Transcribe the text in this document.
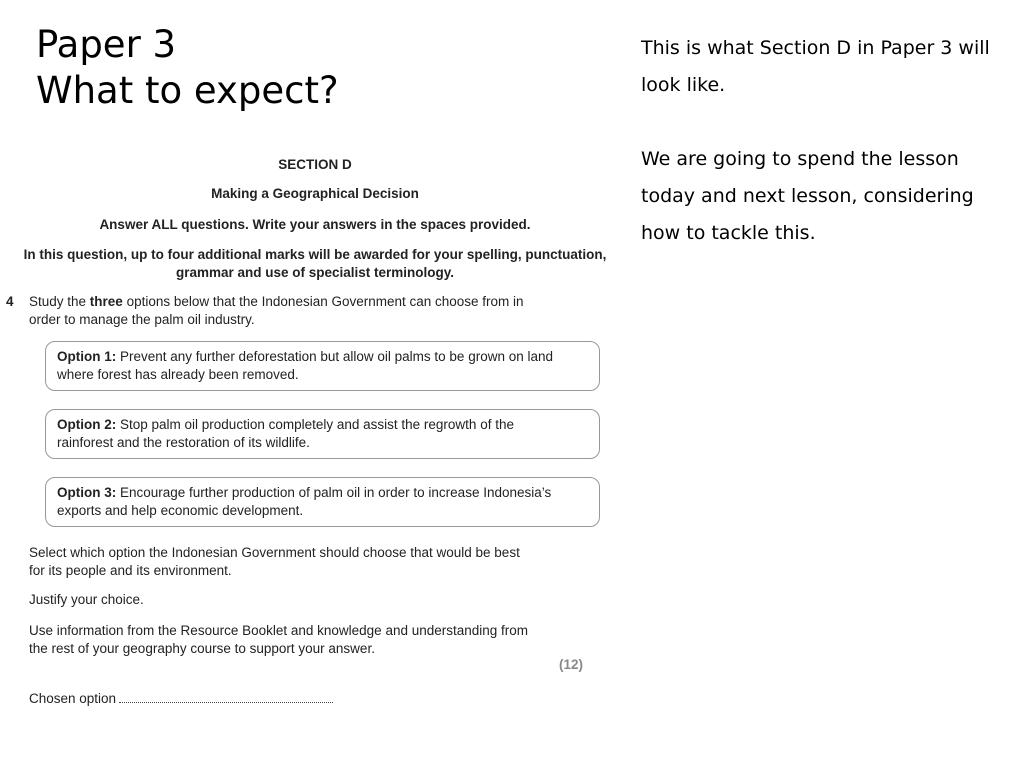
Paper 3
What to expect?

This is what Section D in Paper 3 will look like.

We are going to spend the lesson today and next lesson, considering how to tackle this.

SECTION D
Making a Geographical Decision
Answer ALL questions. Write your answers in the spaces provided.
In this question, up to four additional marks will be awarded for your spelling, punctuation,
grammar and use of specialist terminology.
4 Study the three options below that the Indonesian Government can choose from in
order to manage the palm oil industry.
Option 1: Prevent any further deforestation but allow oil palms to be grown on land
where forest has already been removed.
Option 2: Stop palm oil production completely and assist the regrowth of the
rainforest and the restoration of its wildlife.
Option 3: Encourage further production of palm oil in order to increase Indonesia’s
exports and help economic development.
Select which option the Indonesian Government should choose that would be best
for its people and its environment.
Justify your choice.
Use information from the Resource Booklet and knowledge and understanding from
the rest of your geography course to support your answer.
(12)
Chosen option
